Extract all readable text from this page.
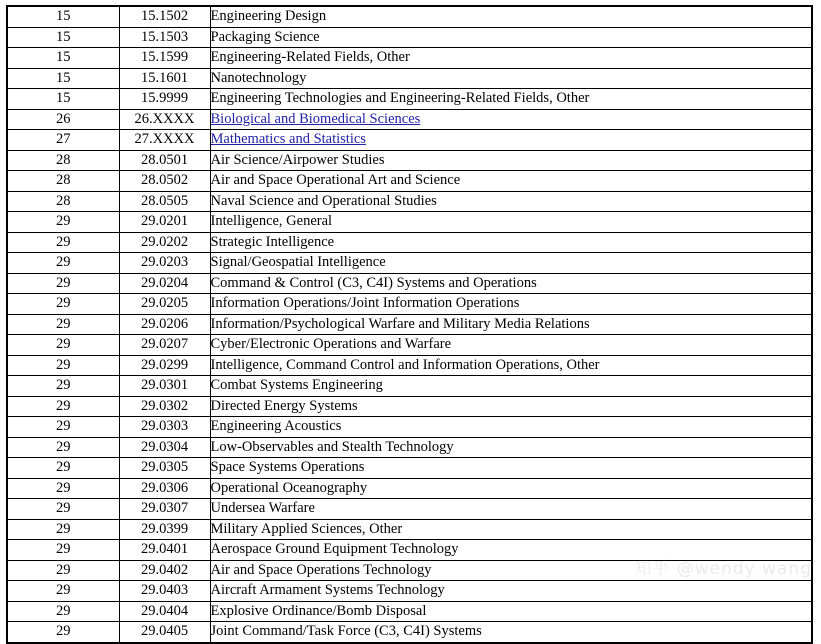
15	15.1502	Engineering Design
15	15.1503	Packaging Science
15	15.1599	Engineering-Related Fields, Other
15	15.1601	Nanotechnology
15	15.9999	Engineering Technologies and Engineering-Related Fields, Other
26	26.XXXX	Biological and Biomedical Sciences
27	27.XXXX	Mathematics and Statistics
28	28.0501	Air Science/Airpower Studies
28	28.0502	Air and Space Operational Art and Science
28	28.0505	Naval Science and Operational Studies
29	29.0201	Intelligence, General
29	29.0202	Strategic Intelligence
29	29.0203	Signal/Geospatial Intelligence
29	29.0204	Command & Control (C3, C4I) Systems and Operations
29	29.0205	Information Operations/Joint Information Operations
29	29.0206	Information/Psychological Warfare and Military Media Relations
29	29.0207	Cyber/Electronic Operations and Warfare
29	29.0299	Intelligence, Command Control and Information Operations, Other
29	29.0301	Combat Systems Engineering
29	29.0302	Directed Energy Systems
29	29.0303	Engineering Acoustics
29	29.0304	Low-Observables and Stealth Technology
29	29.0305	Space Systems Operations
29	29.0306	Operational Oceanography
29	29.0307	Undersea Warfare
29	29.0399	Military Applied Sciences, Other
29	29.0401	Aerospace Ground Equipment Technology
29	29.0402	Air and Space Operations Technology
29	29.0403	Aircraft Armament Systems Technology
29	29.0404	Explosive Ordinance/Bomb Disposal
29	29.0405	Joint Command/Task Force (C3, C4I) Systems
知乎 @wendy wang
